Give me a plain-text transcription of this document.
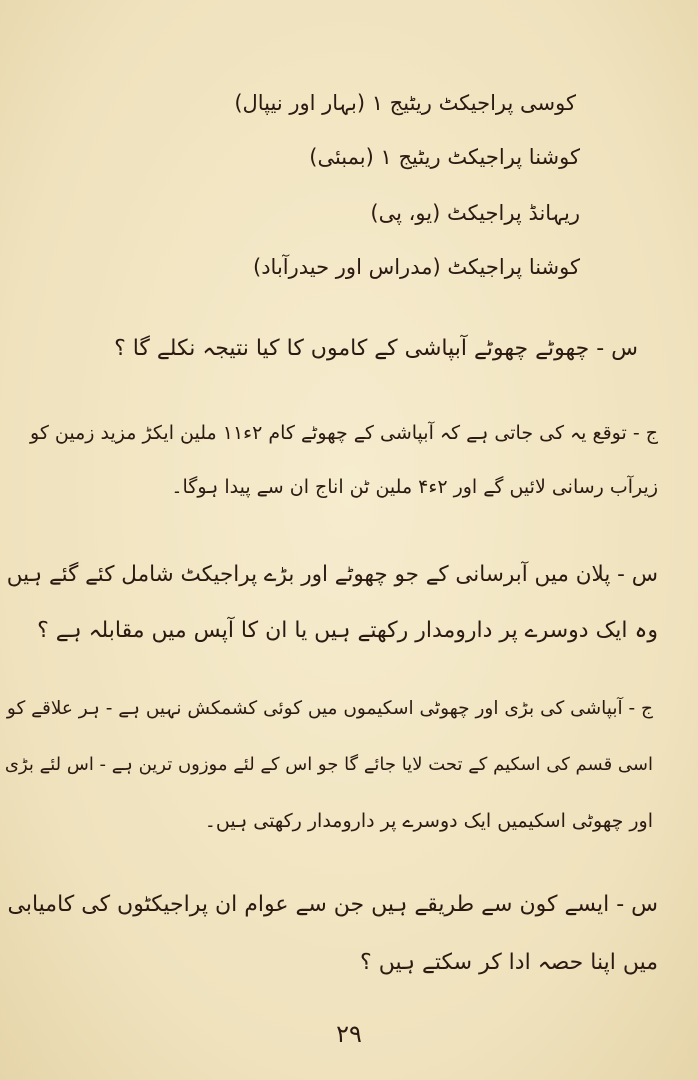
کوسی پراجیکٹ ریٹیج ۱ (بہار اور نیپال)
کوشنا پراجیکٹ ریٹیج ۱ (بمبئی)
ریہانڈ پراجیکٹ (یو، پی)
کوشنا پراجیکٹ (مدراس اور حیدرآباد)
س - چھوٹے چھوٹے آبپاشی کے کاموں کا کیا نتیجہ نکلے گا ؟
ج - توقع یہ کی جاتی ہے کہ آبپاشی کے چھوٹے کام ۲ء۱۱ ملین ایکڑ مزید زمین کو
زیرآب رسانی لائیں گے اور ۲ء۴ ملین ٹن اناج ان سے پیدا ہوگا۔
س - پلان میں آبرسانی کے جو چھوٹے اور بڑے پراجیکٹ شامل کئے گئے ہیں
وہ ایک دوسرے پر دارومدار رکھتے ہیں یا ان کا آپس میں مقابلہ ہے ؟
ج - آبپاشی کی بڑی اور چھوٹی اسکیموں میں کوئی کشمکش نہیں ہے - ہر علاقے کو
اسی قسم کی اسکیم کے تحت لایا جائے گا جو اس کے لئے موزوں ترین ہے - اس لئے بڑی
اور چھوٹی اسکیمیں ایک دوسرے پر دارومدار رکھتی ہیں۔
س - ایسے کون سے طریقے ہیں جن سے عوام ان پراجیکٹوں کی کامیابی
میں اپنا حصہ ادا کر سکتے ہیں ؟
۲۹
